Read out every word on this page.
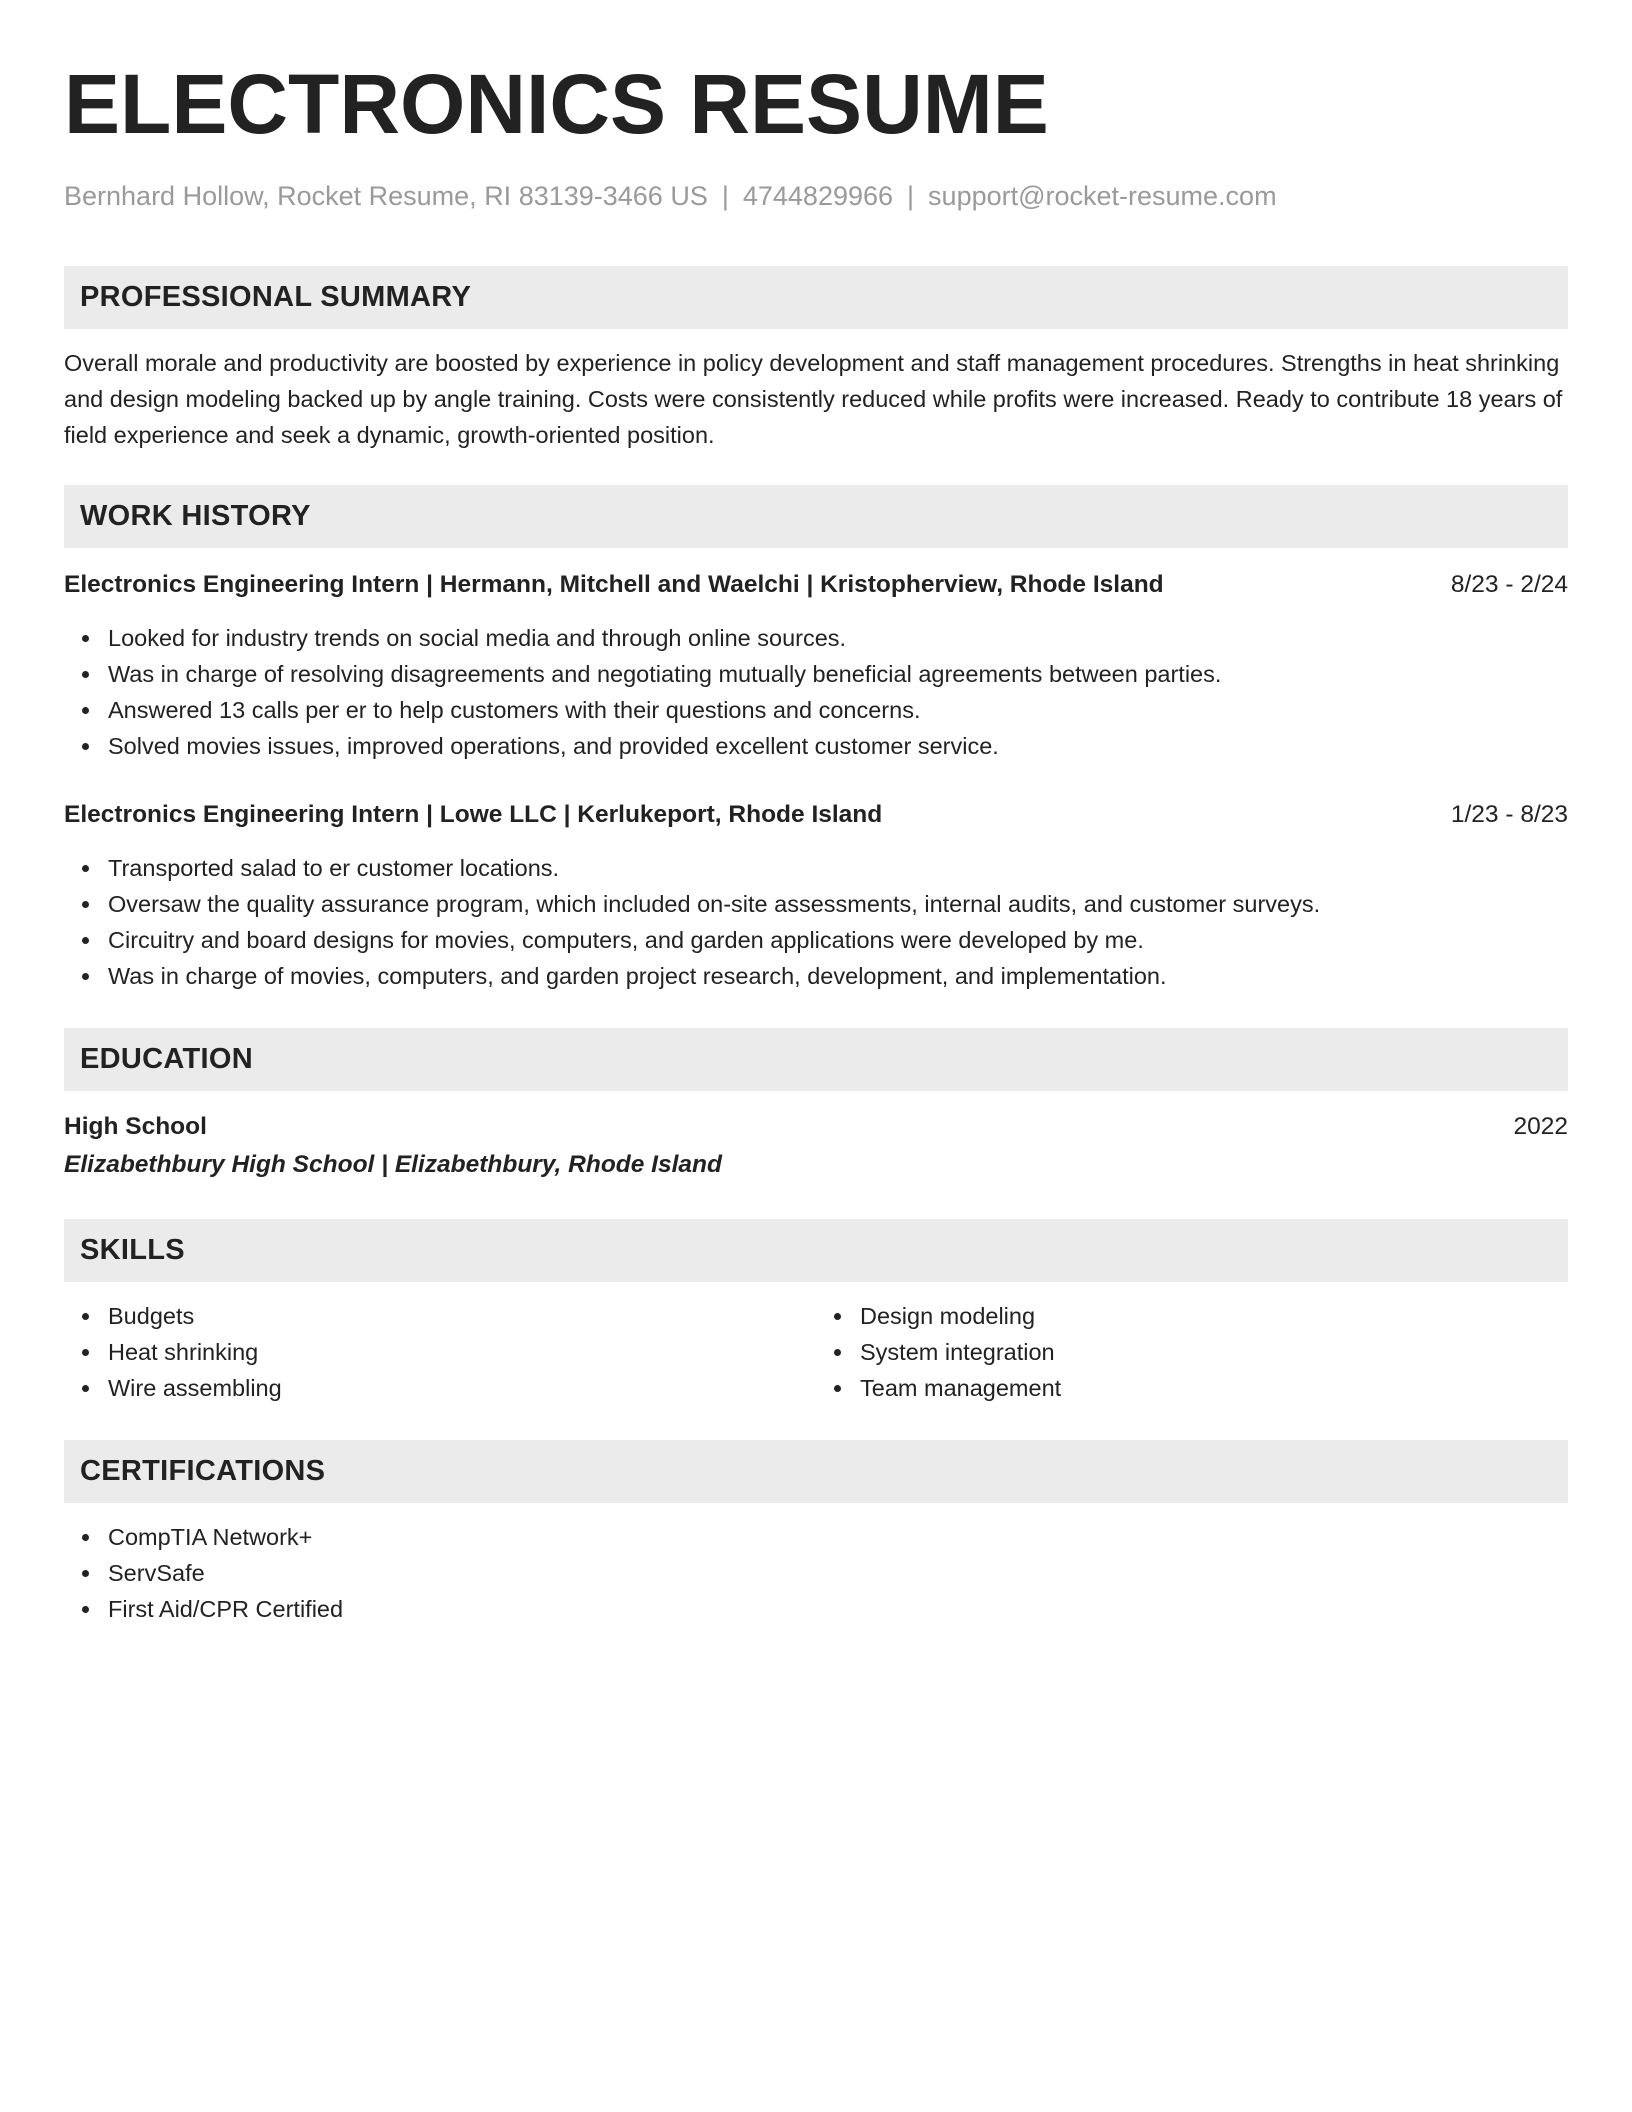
ELECTRONICS RESUME
Bernhard Hollow, Rocket Resume, RI 83139-3466 US | 4744829966 | support@rocket-resume.com
PROFESSIONAL SUMMARY
Overall morale and productivity are boosted by experience in policy development and staff management procedures. Strengths in heat shrinking and design modeling backed up by angle training. Costs were consistently reduced while profits were increased. Ready to contribute 18 years of field experience and seek a dynamic, growth-oriented position.
WORK HISTORY
Electronics Engineering Intern | Hermann, Mitchell and Waelchi | Kristopherview, Rhode Island	8/23 - 2/24
Looked for industry trends on social media and through online sources.
Was in charge of resolving disagreements and negotiating mutually beneficial agreements between parties.
Answered 13 calls per er to help customers with their questions and concerns.
Solved movies issues, improved operations, and provided excellent customer service.
Electronics Engineering Intern | Lowe LLC | Kerlukeport, Rhode Island	1/23 - 8/23
Transported salad to er customer locations.
Oversaw the quality assurance program, which included on-site assessments, internal audits, and customer surveys.
Circuitry and board designs for movies, computers, and garden applications were developed by me.
Was in charge of movies, computers, and garden project research, development, and implementation.
EDUCATION
High School	2022
Elizabethbury High School | Elizabethbury, Rhode Island
SKILLS
Budgets
Heat shrinking
Wire assembling
Design modeling
System integration
Team management
CERTIFICATIONS
CompTIA Network+
ServSafe
First Aid/CPR Certified
